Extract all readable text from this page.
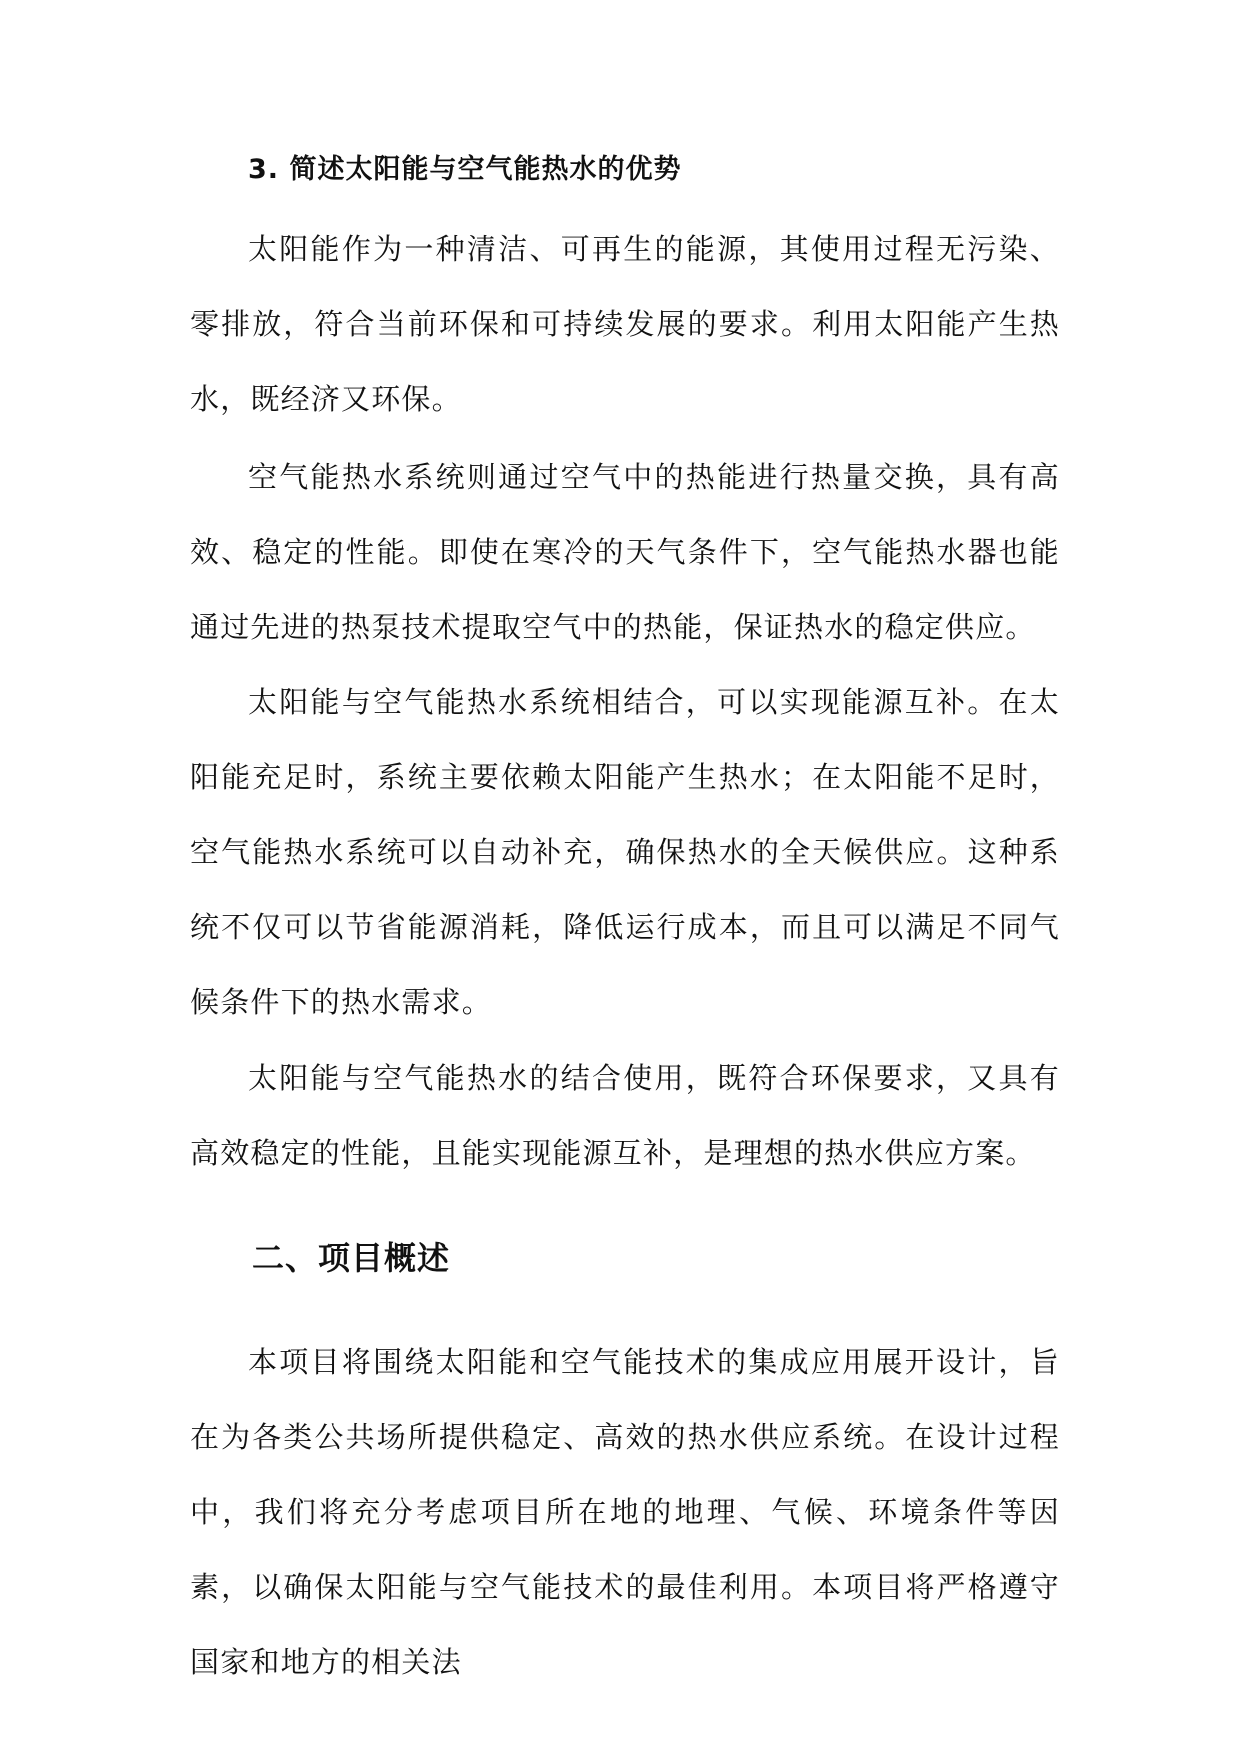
3. 简述太阳能与空气能热水的优势

太阳能作为一种清洁、可再生的能源，其使用过程无污染、零排放，符合当前环保和可持续发展的要求。利用太阳能产生热水，既经济又环保。

空气能热水系统则通过空气中的热能进行热量交换，具有高效、稳定的性能。即使在寒冷的天气条件下，空气能热水器也能通过先进的热泵技术提取空气中的热能，保证热水的稳定供应。

太阳能与空气能热水系统相结合，可以实现能源互补。在太阳能充足时，系统主要依赖太阳能产生热水；在太阳能不足时，空气能热水系统可以自动补充，确保热水的全天候供应。这种系统不仅可以节省能源消耗，降低运行成本，而且可以满足不同气候条件下的热水需求。

太阳能与空气能热水的结合使用，既符合环保要求，又具有高效稳定的性能，且能实现能源互补，是理想的热水供应方案。

二、项目概述

本项目将围绕太阳能和空气能技术的集成应用展开设计，旨在为各类公共场所提供稳定、高效的热水供应系统。在设计过程中，我们将充分考虑项目所在地的地理、气候、环境条件等因素，以确保太阳能与空气能技术的最佳利用。本项目将严格遵守国家和地方的相关法
